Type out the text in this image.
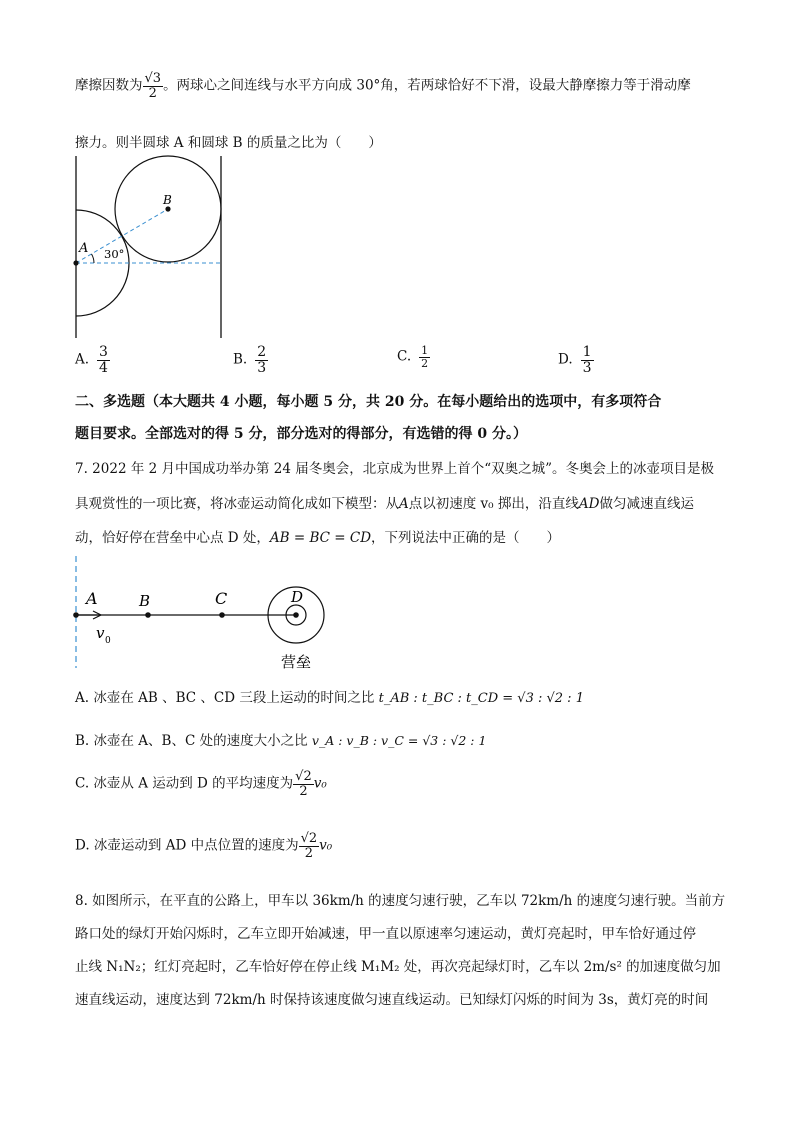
摩擦因数为 $\frac{√3}{2}$ 。两球心之间连线与水平方向成 30°角，若两球恰好不下滑，设最大静摩擦力等于滑动摩
擦力。则半圆球 A 和圆球 B 的质量之比为（　　）
A
B
30°
A. $\frac{3}{4}$	B. $\frac{2}{3}$	C. $\frac{1}{2}$	D. $\frac{1}{3}$
二、多选题（本大题共 4 小题，每小题 5 分，共 20 分。在每小题给出的选项中，有多项符合
题目要求。全部选对的得 5 分，部分选对的得部分，有选错的得 0 分。）
7. 2022 年 2 月中国成功举办第 24 届冬奥会，北京成为世界上首个“双奥之城”。冬奥会上的冰壶项目是极
具观赏性的一项比赛，将冰壶运动简化成如下模型：从A点以初速度 v₀ 掷出，沿直线AD做匀减速直线运
动，恰好停在营垒中心点 D 处，AB = BC = CD，下列说法中正确的是（　　）
A	B	C	D
v 0
营垒
A. 冰壶在 AB 、BC 、CD 三段上运动的时间之比 t_AB : t_BC : t_CD = √3 : √2 : 1
B. 冰壶在 A、B、C 处的速度大小之比 v_A : v_B : v_C = √3 : √2 : 1
C. 冰壶从 A 运动到 D 的平均速度为 $\frac{√2}{2} v_0$
D. 冰壶运动到 AD 中点位置的速度为 $\frac{√2}{2} v_0$
8. 如图所示，在平直的公路上，甲车以 36km/h 的速度匀速行驶，乙车以 72km/h 的速度匀速行驶。当前方
路口处的绿灯开始闪烁时，乙车立即开始减速，甲一直以原速率匀速运动，黄灯亮起时，甲车恰好通过停
止线 N₁N₂；红灯亮起时，乙车恰好停在停止线 M₁M₂ 处，再次亮起绿灯时，乙车以 2m/s² 的加速度做匀加
速直线运动，速度达到 72km/h 时保持该速度做匀速直线运动。已知绿灯闪烁的时间为 3s，黄灯亮的时间
